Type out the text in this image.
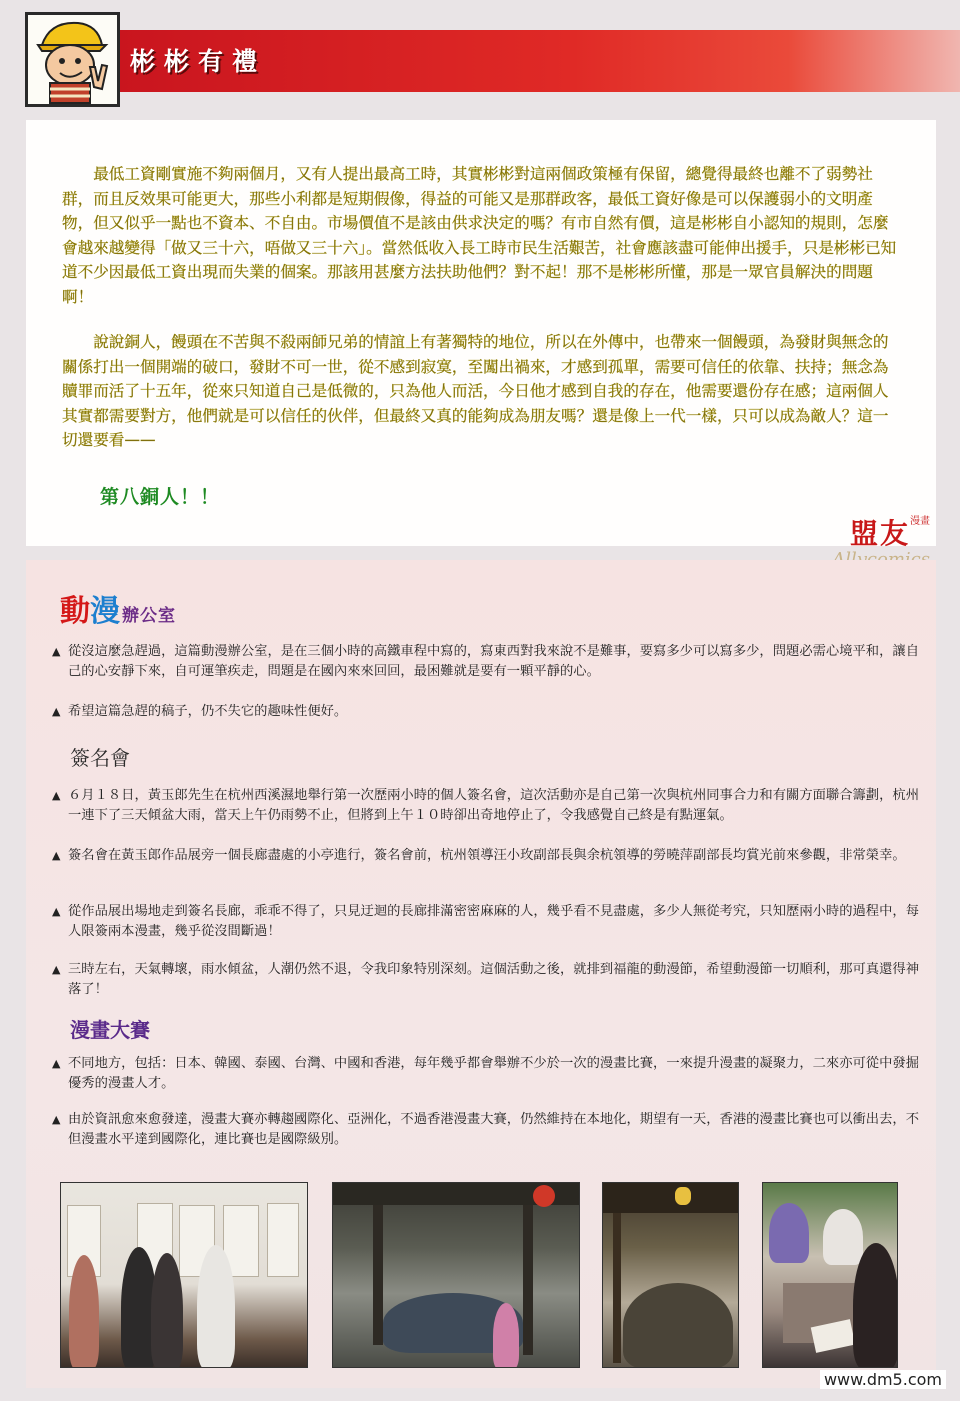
彬彬有禮

最低工資剛實施不夠兩個月，又有人提出最高工時，其實彬彬對這兩個政策極有保留，總覺得最終也離不了弱勢社群，而且反效果可能更大，那些小利都是短期假像，得益的可能又是那群政客，最低工資好像是可以保護弱小的文明產物，但又似乎一點也不資本、不自由。市場價值不是該由供求決定的嗎？有市自然有價，這是彬彬自小認知的規則，怎麼會越來越變得「做又三十六，唔做又三十六」。當然低收入長工時市民生活艱苦，社會應該盡可能伸出援手，只是彬彬已知道不少因最低工資出現而失業的個案。那該用甚麼方法扶助他們？對不起！那不是彬彬所懂，那是一眾官員解決的問題啊！

說說銅人，饅頭在不苦與不殺兩師兄弟的情誼上有著獨特的地位，所以在外傳中，也帶來一個饅頭，為發財與無念的關係打出一個開端的破口，發財不可一世，從不感到寂寞，至闖出禍來，才感到孤單，需要可信任的依靠、扶持；無念為贖罪而活了十五年，從來只知道自己是低微的，只為他人而活，今日他才感到自我的存在，他需要還份存在感；這兩個人其實都需要對方，他們就是可以信任的伙伴，但最終又真的能夠成為朋友嗎？還是像上一代一樣，只可以成為敵人？這一切還要看——

第八銅人！！
盟友$^{漫畫}$
動漫 辦公室

▲ 從沒這麼急趕過，這篇動漫辦公室，是在三個小時的高鐵車程中寫的，寫東西對我來說不是難事，要寫多少可以寫多少，問題必需心境平和，讓自己的心安靜下來，自可運筆疾走，問題是在國內來來回回，最困難就是要有一顆平靜的心。

▲ 希望這篇急趕的稿子，仍不失它的趣味性便好。

簽名會

▲ ６月１８日，黃玉郎先生在杭州西溪濕地舉行第一次歷兩小時的個人簽名會，這次活動亦是自己第一次與杭州同事合力和有關方面聯合籌劃，杭州一連下了三天傾盆大雨，當天上午仍雨勢不止，但將到上午１０時卻出奇地停止了，令我感覺自己終是有點運氣。

▲ 簽名會在黃玉郎作品展旁一個長廊盡處的小亭進行，簽名會前，杭州領導汪小玫副部長與余杭領導的勞曉萍副部長均賞光前來參觀，非常榮幸。

▲ 從作品展出場地走到簽名長廊，乖乖不得了，只見迂迴的長廊排滿密密麻麻的人，幾乎看不見盡處，多少人無從考究，只知歷兩小時的過程中，每人限簽兩本漫畫，幾乎從沒間斷過！

▲ 三時左右，天氣轉壞，雨水傾盆，人潮仍然不退，令我印象特別深刻。這個活動之後，就排到福龍的動漫節，希望動漫節一切順利，那可真還得神落了！

漫畫大賽

▲ 不同地方，包括：日本、韓國、泰國、台灣、中國和香港，每年幾乎都會舉辦不少於一次的漫畫比賽，一來提升漫畫的凝聚力，二來亦可從中發掘優秀的漫畫人才。

▲ 由於資訊愈來愈發達，漫畫大賽亦轉趨國際化、亞洲化，不過香港漫畫大賽，仍然維持在本地化，期望有一天，香港的漫畫比賽也可以衝出去，不但漫畫水平達到國際化，連比賽也是國際級別。

www.dm5.com
